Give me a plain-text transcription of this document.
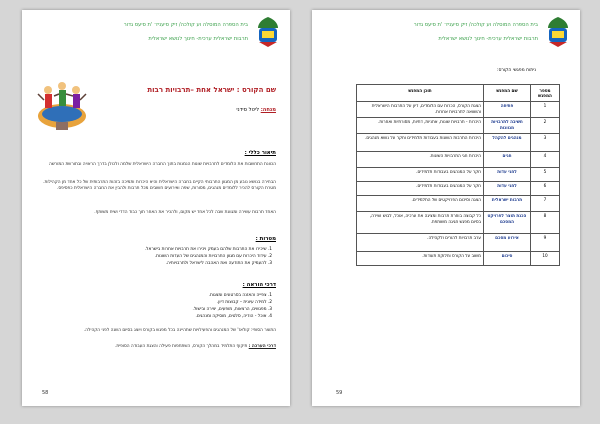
בית הספרה המוסלה וע קולכה/ זיק סיעניז׳ 'ת סיעס גדור
תרבות ישראלית ערכית- חינוך לנושא ישראלית
שם הקורס : ישראל אחת –תרבויות רבות
מנחה: ליטל סידני
תיאור כללי :
הכוונת התחשבות את הלומדים לתרבויות שונות הנמנות בתוך החברה הישראלית שלמה ולכולן בדרך הראויה ובתורשת המורשה
הבחירה בנושא נובע מן המגוון התרבותי הקיים בחברה הישראלית והיא היכרות ותמיכה בזהות התרבותית של כל אחד מן הקהילות. מטרת הקורס להכיר ללומדים מנהגים, מסורות, שפה ואירועים חשובים מכל תרבות ולהבין את החברה הישראלית כפסיפס.
האחד תרבות עשירה ומגוונת שבה לכל אחד יש מקום, ולהכיר את האחר תוך כבוד הדדי ושיח משותף.
מטרות :
1. שיכירו את התרבות שלהם בעמק ויכירו את תרבויות אחרות בישראל.
2. עידוד היכרות עם מגוון התרבויות והמנהגים של העדות השונות.
3. להעמיק את התודעה ואת האהבה לישראל ולתרבויותיה.
דרכי הוראה :
1. צפייה והאזנה בסרטונים ומצגות.
2. למידה עיונית – קבוצות דיון.
3. מפגשים, הרצאות, מופעים, יצירה ובישול.
4. אוכל - הודיה, סלטים, מוסיקה ומנהגים.
התוצר הסופי: קולאז' של המנהגים והפעילויות שתהיינה בכל מפגש בקורס ויוצג בסיום השנה לפני הקהילה.
דרכי הערכה : תיקוף התלמיד במהלך הקורס, השתתפות פעילה והצגת העבודה הסופית.
58
בית הספרה המוסלה וע קולכה/ זיק סיעניז׳ 'ת סיעס גדור
תרבות ישראלית ערכית- חינוך לנושא ישראלית
ניתוח מפגשי הקורס:
מספר המפגש	שם המפגש	תוכן המפגש
1	פתיחה	הצגת הקורס, הכרות עם הלומדים, דיון על התרבות הישראלית והשוואה לתרבויות אחרות.
2	חשיבה לתרבויות מגוונות	היכרות - תרבויות שונות, אתניות, דתיות, מסורתיות ואחרות.
3	מנהגים להקהל	היכרות התרבות השונות בעבודות תלמידים וחקר על נושא מנהגים.
4	חגים	היכרות חגי התרבויות השונות.
5	לחגי עדות	חקר על המנהגים בעבודות תלמידים.
6	לחגי עדות	חקר על המנהגים בעבודות תלמידים.
7	תרבות ישראלית	הצגה וסיכום הפרויקטים של התלמידים.
8	הכנת תוצר לפרויקט המסכם	כל קבוצה בוחרת תרבות ומציגה את ערכיה, אוכל, לבוש ושירה, בסיום מפגש חגיגה משותפת.
9	אירוע מסכם	ערב תרבויות להורים ולקהילה.
10	סיכום	משוב על הקורס וחלוקת תעודות.
59
